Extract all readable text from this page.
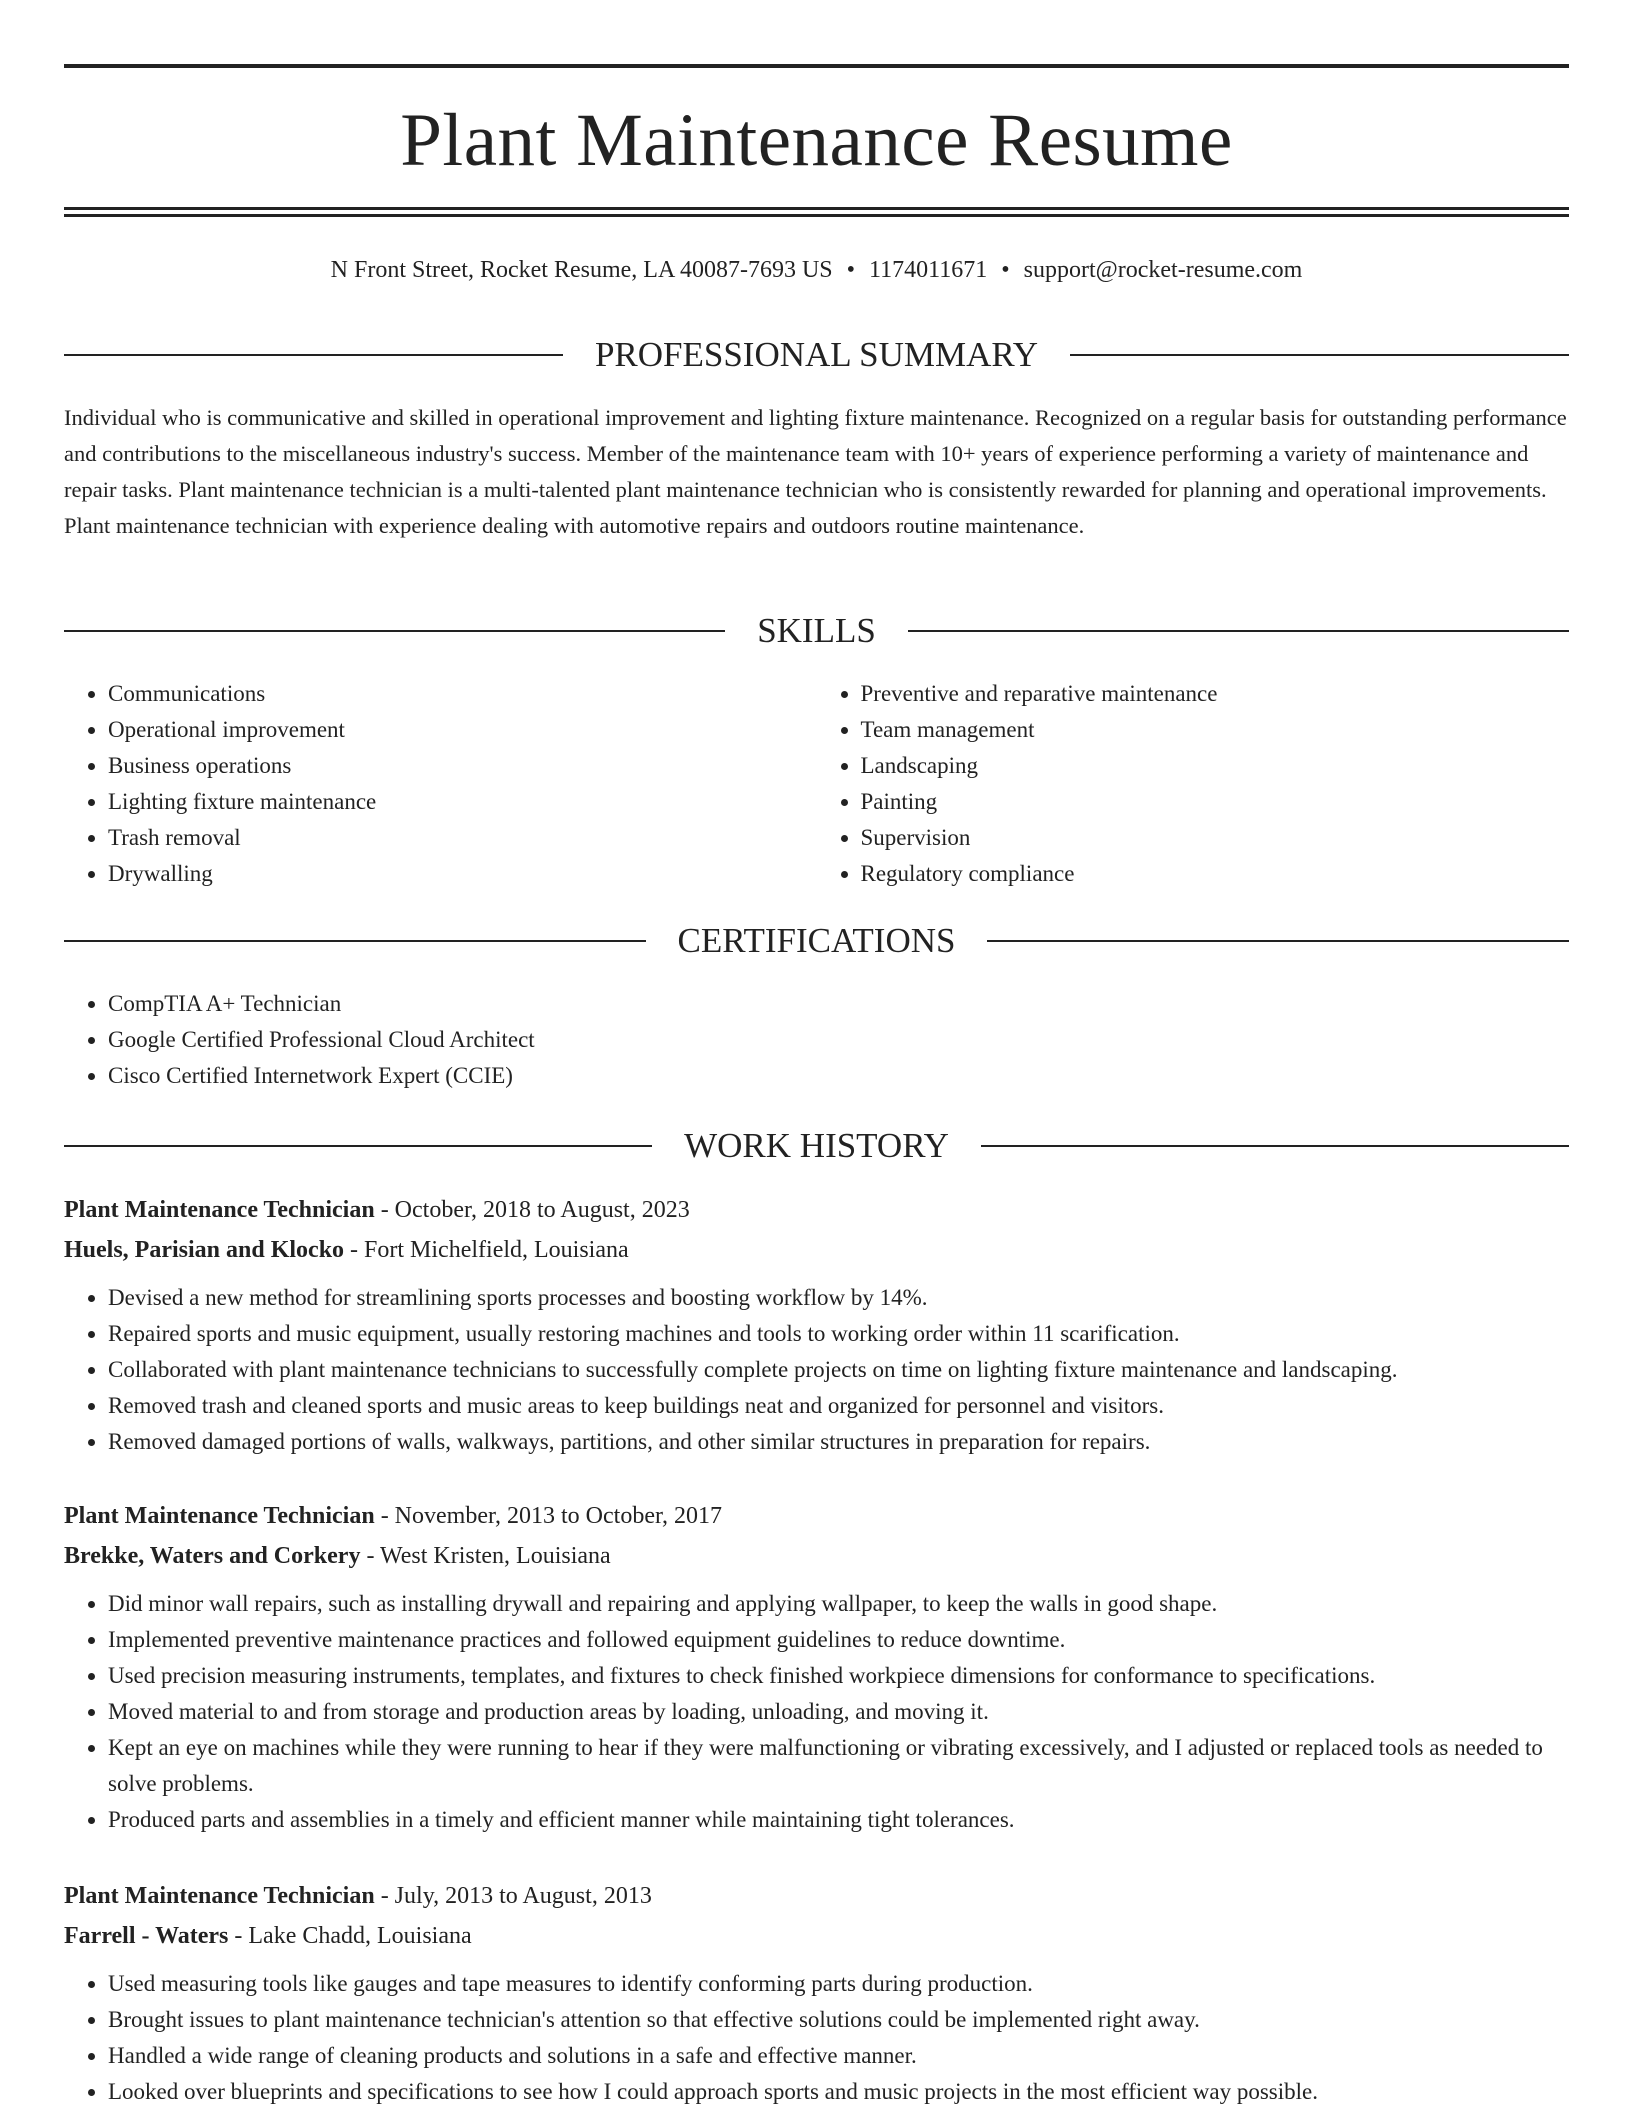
Plant Maintenance Resume
N Front Street, Rocket Resume, LA 40087-7693 US • 1174011671 • support@rocket-resume.com
PROFESSIONAL SUMMARY

Individual who is communicative and skilled in operational improvement and lighting fixture maintenance. Recognized on a regular basis for outstanding performance and contributions to the miscellaneous industry's success. Member of the maintenance team with 10+ years of experience performing a variety of maintenance and repair tasks. Plant maintenance technician is a multi-talented plant maintenance technician who is consistently rewarded for planning and operational improvements. Plant maintenance technician with experience dealing with automotive repairs and outdoors routine maintenance.

SKILLS
• Communications
• Operational improvement
• Business operations
• Lighting fixture maintenance
• Trash removal
• Drywalling
• Preventive and reparative maintenance
• Team management
• Landscaping
• Painting
• Supervision
• Regulatory compliance
CERTIFICATIONS
• CompTIA A+ Technician
• Google Certified Professional Cloud Architect
• Cisco Certified Internetwork Expert (CCIE)
WORK HISTORY
Plant Maintenance Technician - October, 2018 to August, 2023
Huels, Parisian and Klocko - Fort Michelfield, Louisiana
• Devised a new method for streamlining sports processes and boosting workflow by 14%.
• Repaired sports and music equipment, usually restoring machines and tools to working order within 11 scarification.
• Collaborated with plant maintenance technicians to successfully complete projects on time on lighting fixture maintenance and landscaping.
• Removed trash and cleaned sports and music areas to keep buildings neat and organized for personnel and visitors.
• Removed damaged portions of walls, walkways, partitions, and other similar structures in preparation for repairs.
Plant Maintenance Technician - November, 2013 to October, 2017
Brekke, Waters and Corkery - West Kristen, Louisiana
• Did minor wall repairs, such as installing drywall and repairing and applying wallpaper, to keep the walls in good shape.
• Implemented preventive maintenance practices and followed equipment guidelines to reduce downtime.
• Used precision measuring instruments, templates, and fixtures to check finished workpiece dimensions for conformance to specifications.
• Moved material to and from storage and production areas by loading, unloading, and moving it.
• Kept an eye on machines while they were running to hear if they were malfunctioning or vibrating excessively, and I adjusted or replaced tools as needed to solve problems.
• Produced parts and assemblies in a timely and efficient manner while maintaining tight tolerances.
Plant Maintenance Technician - July, 2013 to August, 2013
Farrell - Waters - Lake Chadd, Louisiana
• Used measuring tools like gauges and tape measures to identify conforming parts during production.
• Brought issues to plant maintenance technician's attention so that effective solutions could be implemented right away.
• Handled a wide range of cleaning products and solutions in a safe and effective manner.
• Looked over blueprints and specifications to see how I could approach sports and music projects in the most efficient way possible.
